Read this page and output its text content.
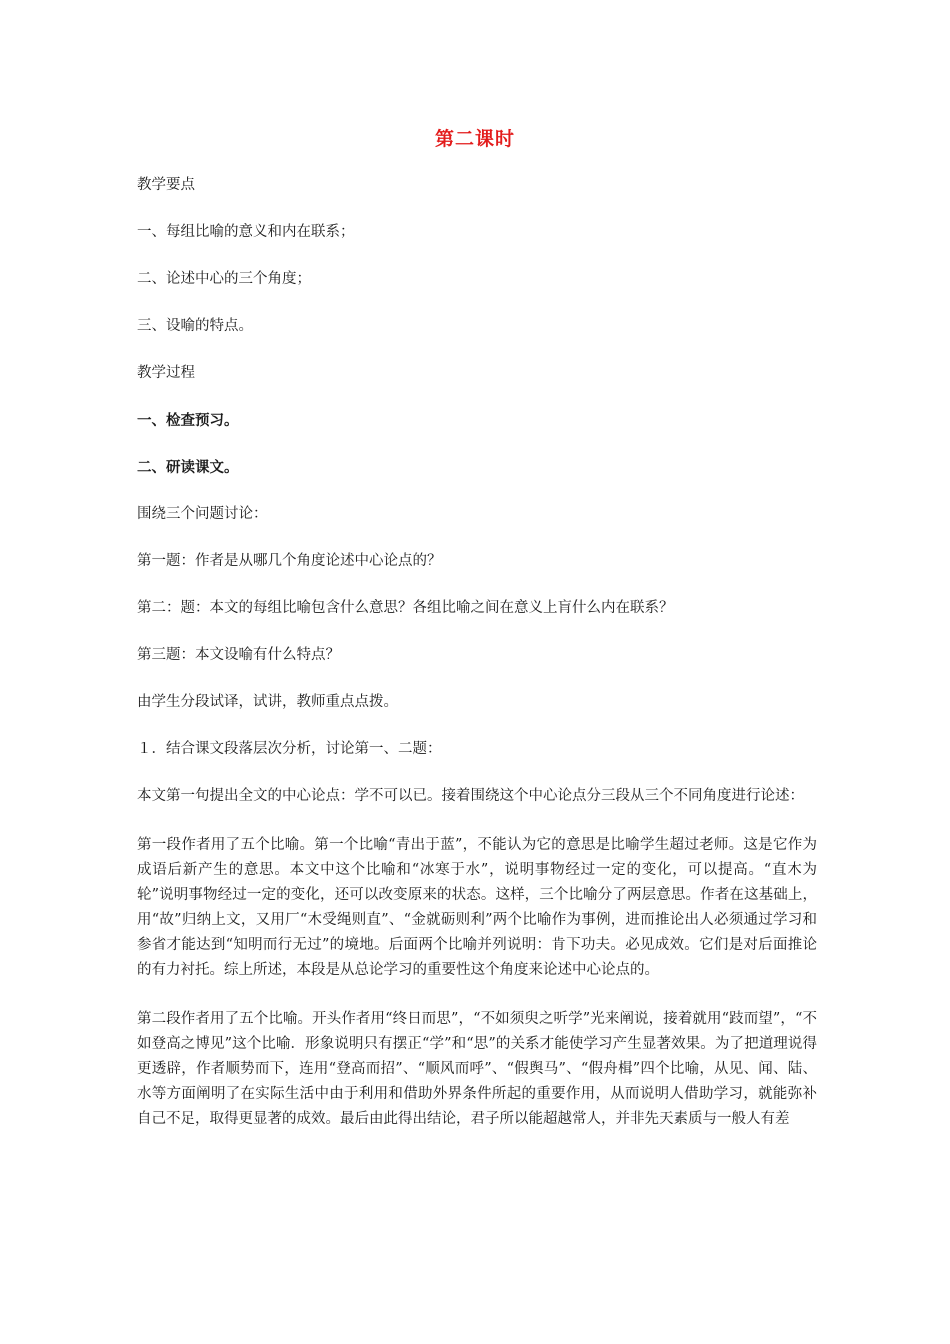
第二课时

教学要点

一、每组比喻的意义和内在联系；

二、论述中心的三个角度；

三、设喻的特点。

教学过程

一、检查预习。

二、研读课文。

围绕三个问题讨论：

第一题：作者是从哪几个角度论述中心论点的？

第二：题：本文的每组比喻包含什么意思？各组比喻之间在意义上肓什么内在联系？

第三题：本文设喻有什么特点？

由学生分段试译，试讲，教师重点点拨。

１．结合课文段落层次分析，讨论第一、二题：

本文第一句提出全文的中心论点：学不可以已。接着围绕这个中心论点分三段从三个不同角度进行论述：

第一段作者用了五个比喻。第一个比喻“青出于蓝”，不能认为它的意思是比喻学生超过老师。这是它作为成语后新产生的意思。本文中这个比喻和“冰寒于水”，说明事物经过一定的变化，可以提高。“直木为轮”说明事物经过一定的变化，还可以改变原来的状态。这样，三个比喻分了两层意思。作者在这基础上，用“故”归纳上文，又用厂“木受绳则直”、“金就砺则利”两个比喻作为事例，进而推论出人必须通过学习和参省才能达到“知明而行无过”的境地。后面两个比喻并列说明：肯下功夫。必见成效。它们是对后面推论的有力衬托。综上所述，本段是从总论学习的重要性这个角度来论述中心论点的。

第二段作者用了五个比喻。开头作者用“终日而思”，“不如须臾之听学”光来阐说，接着就用“跂而望”，“不如登高之博见”这个比喻．形象说明只有摆正“学”和“思”的关系才能使学习产生显著效果。为了把道理说得更透辟，作者顺势而下，连用“登高而招”、“顺风而呼”、“假舆马”、“假舟楫”四个比喻，从见、闻、陆、水等方面阐明了在实际生活中由于利用和借助外界条件所起的重要作用，从而说明人借助学习，就能弥补自己不足，取得更显著的成效。最后由此得出结论，君子所以能超越常人，并非先天素质与一般人有差
